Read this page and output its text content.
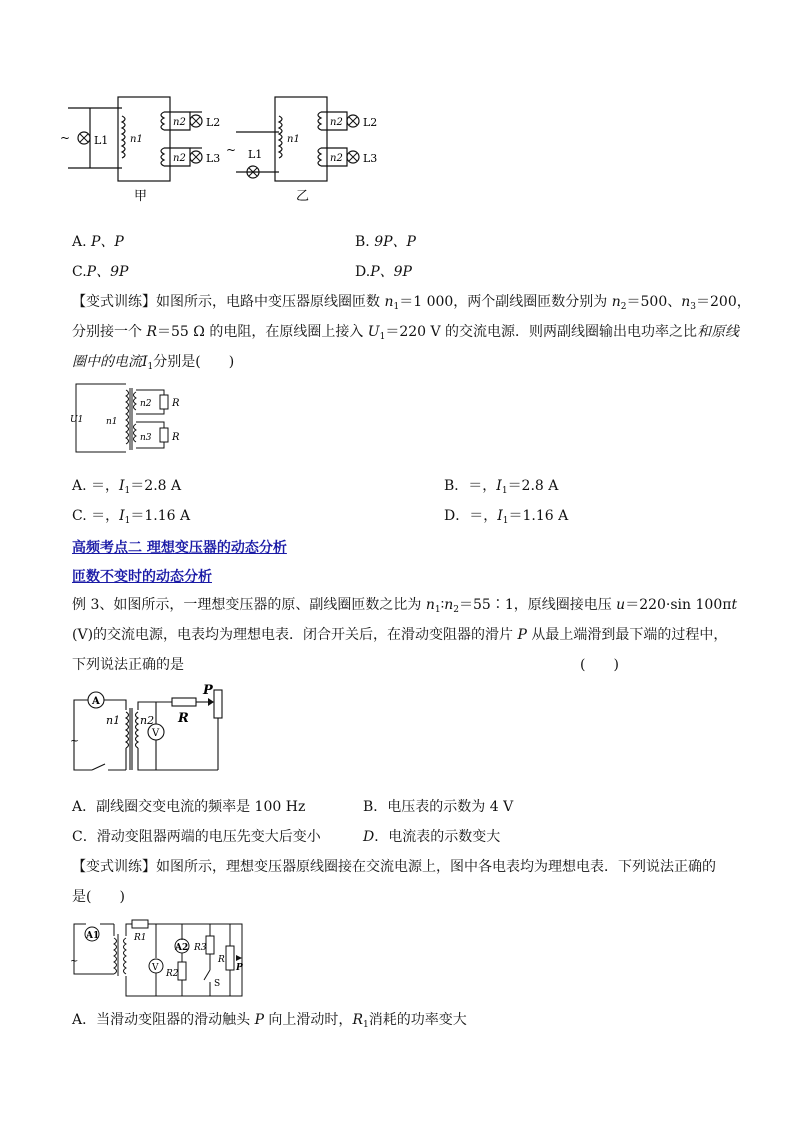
~ L1 n1
n2
n2
L2
L3
甲
~ L1
n1
n2
n2
L2
L3
乙
A. P、P	B. 9P、P
C.P、9P	D.P、9P
【变式训练】如图所示，电路中变压器原线圈匝数 $n_1=1$ 000，两个副线圈匝数分别为 $n_2=500$、$n_3=200$，
分别接一个 R＝55 Ω 的电阻，在原线圈上接入 $U_1=220$ V 的交流电源．则两副线圈输出电功率之比和原线
圈中的电流$I_1$分别是(　　)
U1	n1
n2
n3
R
R
A. ＝，$I_1=2.8$ A	B．＝，$I_1=2.8$ A
C. ＝，$I_1=1.16$ A	D．＝，$I_1=1.16$ A
高频考点二 理想变压器的动态分析
匝数不变时的动态分析
例 3、如图所示，一理想变压器的原、副线圈匝数之比为 $n_1∶n_2=55∶1$，原线圈接电压 u＝220·sin 100πt
(V)的交流电源，电表均为理想电表．闭合开关后，在滑动变阻器的滑片 P 从最上端滑到最下端的过程中，
下列说法正确的是	(　　)
A
V
n1 n2 R
P
~
A．副线圈交变电流的频率是 100 Hz	B．电压表的示数为 4 V
C．滑动变阻器两端的电压先变大后变小	D．电流表的示数变大
【变式训练】如图所示，理想变压器原线圈接在交流电源上，图中各电表均为理想电表．下列说法正确的
是(　　)
A1
A2
V
R1
R2
R3
R
P
S
~
A．当滑动变阻器的滑动触头 P 向上滑动时，$R_1$消耗的功率变大
